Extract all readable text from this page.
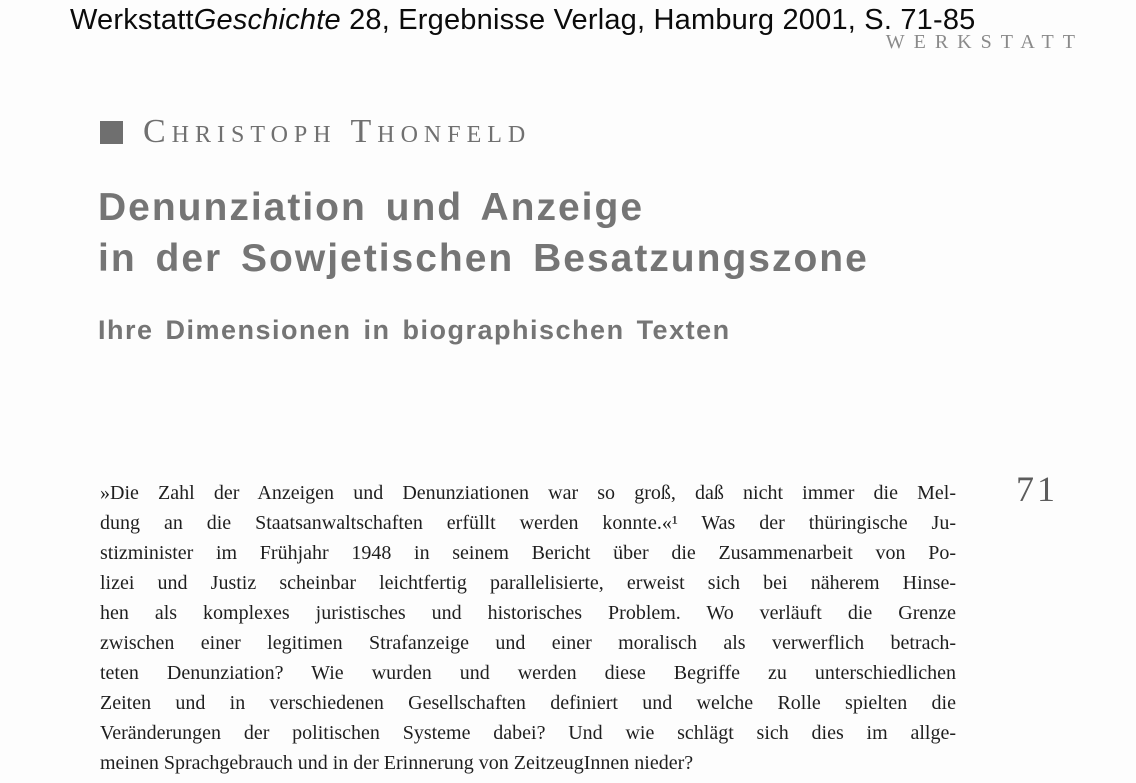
WerkstattGeschichte 28, Ergebnisse Verlag, Hamburg 2001, S. 71-85
WERKSTATT
Christoph Thonfeld
Denunziation und Anzeige
in der Sowjetischen Besatzungszone
Ihre Dimensionen in biographischen Texten
71
»Die Zahl der Anzeigen und Denunziationen war so groß, daß nicht immer die Mel-
dung an die Staatsanwaltschaften erfüllt werden konnte.«¹ Was der thüringische Ju-
stizminister im Frühjahr 1948 in seinem Bericht über die Zusammenarbeit von Po-
lizei und Justiz scheinbar leichtfertig parallelisierte, erweist sich bei näherem Hinse-
hen als komplexes juristisches und historisches Problem. Wo verläuft die Grenze
zwischen einer legitimen Strafanzeige und einer moralisch als verwerflich betrach-
teten Denunziation? Wie wurden und werden diese Begriffe zu unterschiedlichen
Zeiten und in verschiedenen Gesellschaften definiert und welche Rolle spielten die
Veränderungen der politischen Systeme dabei? Und wie schlägt sich dies im allge-
meinen Sprachgebrauch und in der Erinnerung von ZeitzeugInnen nieder?
